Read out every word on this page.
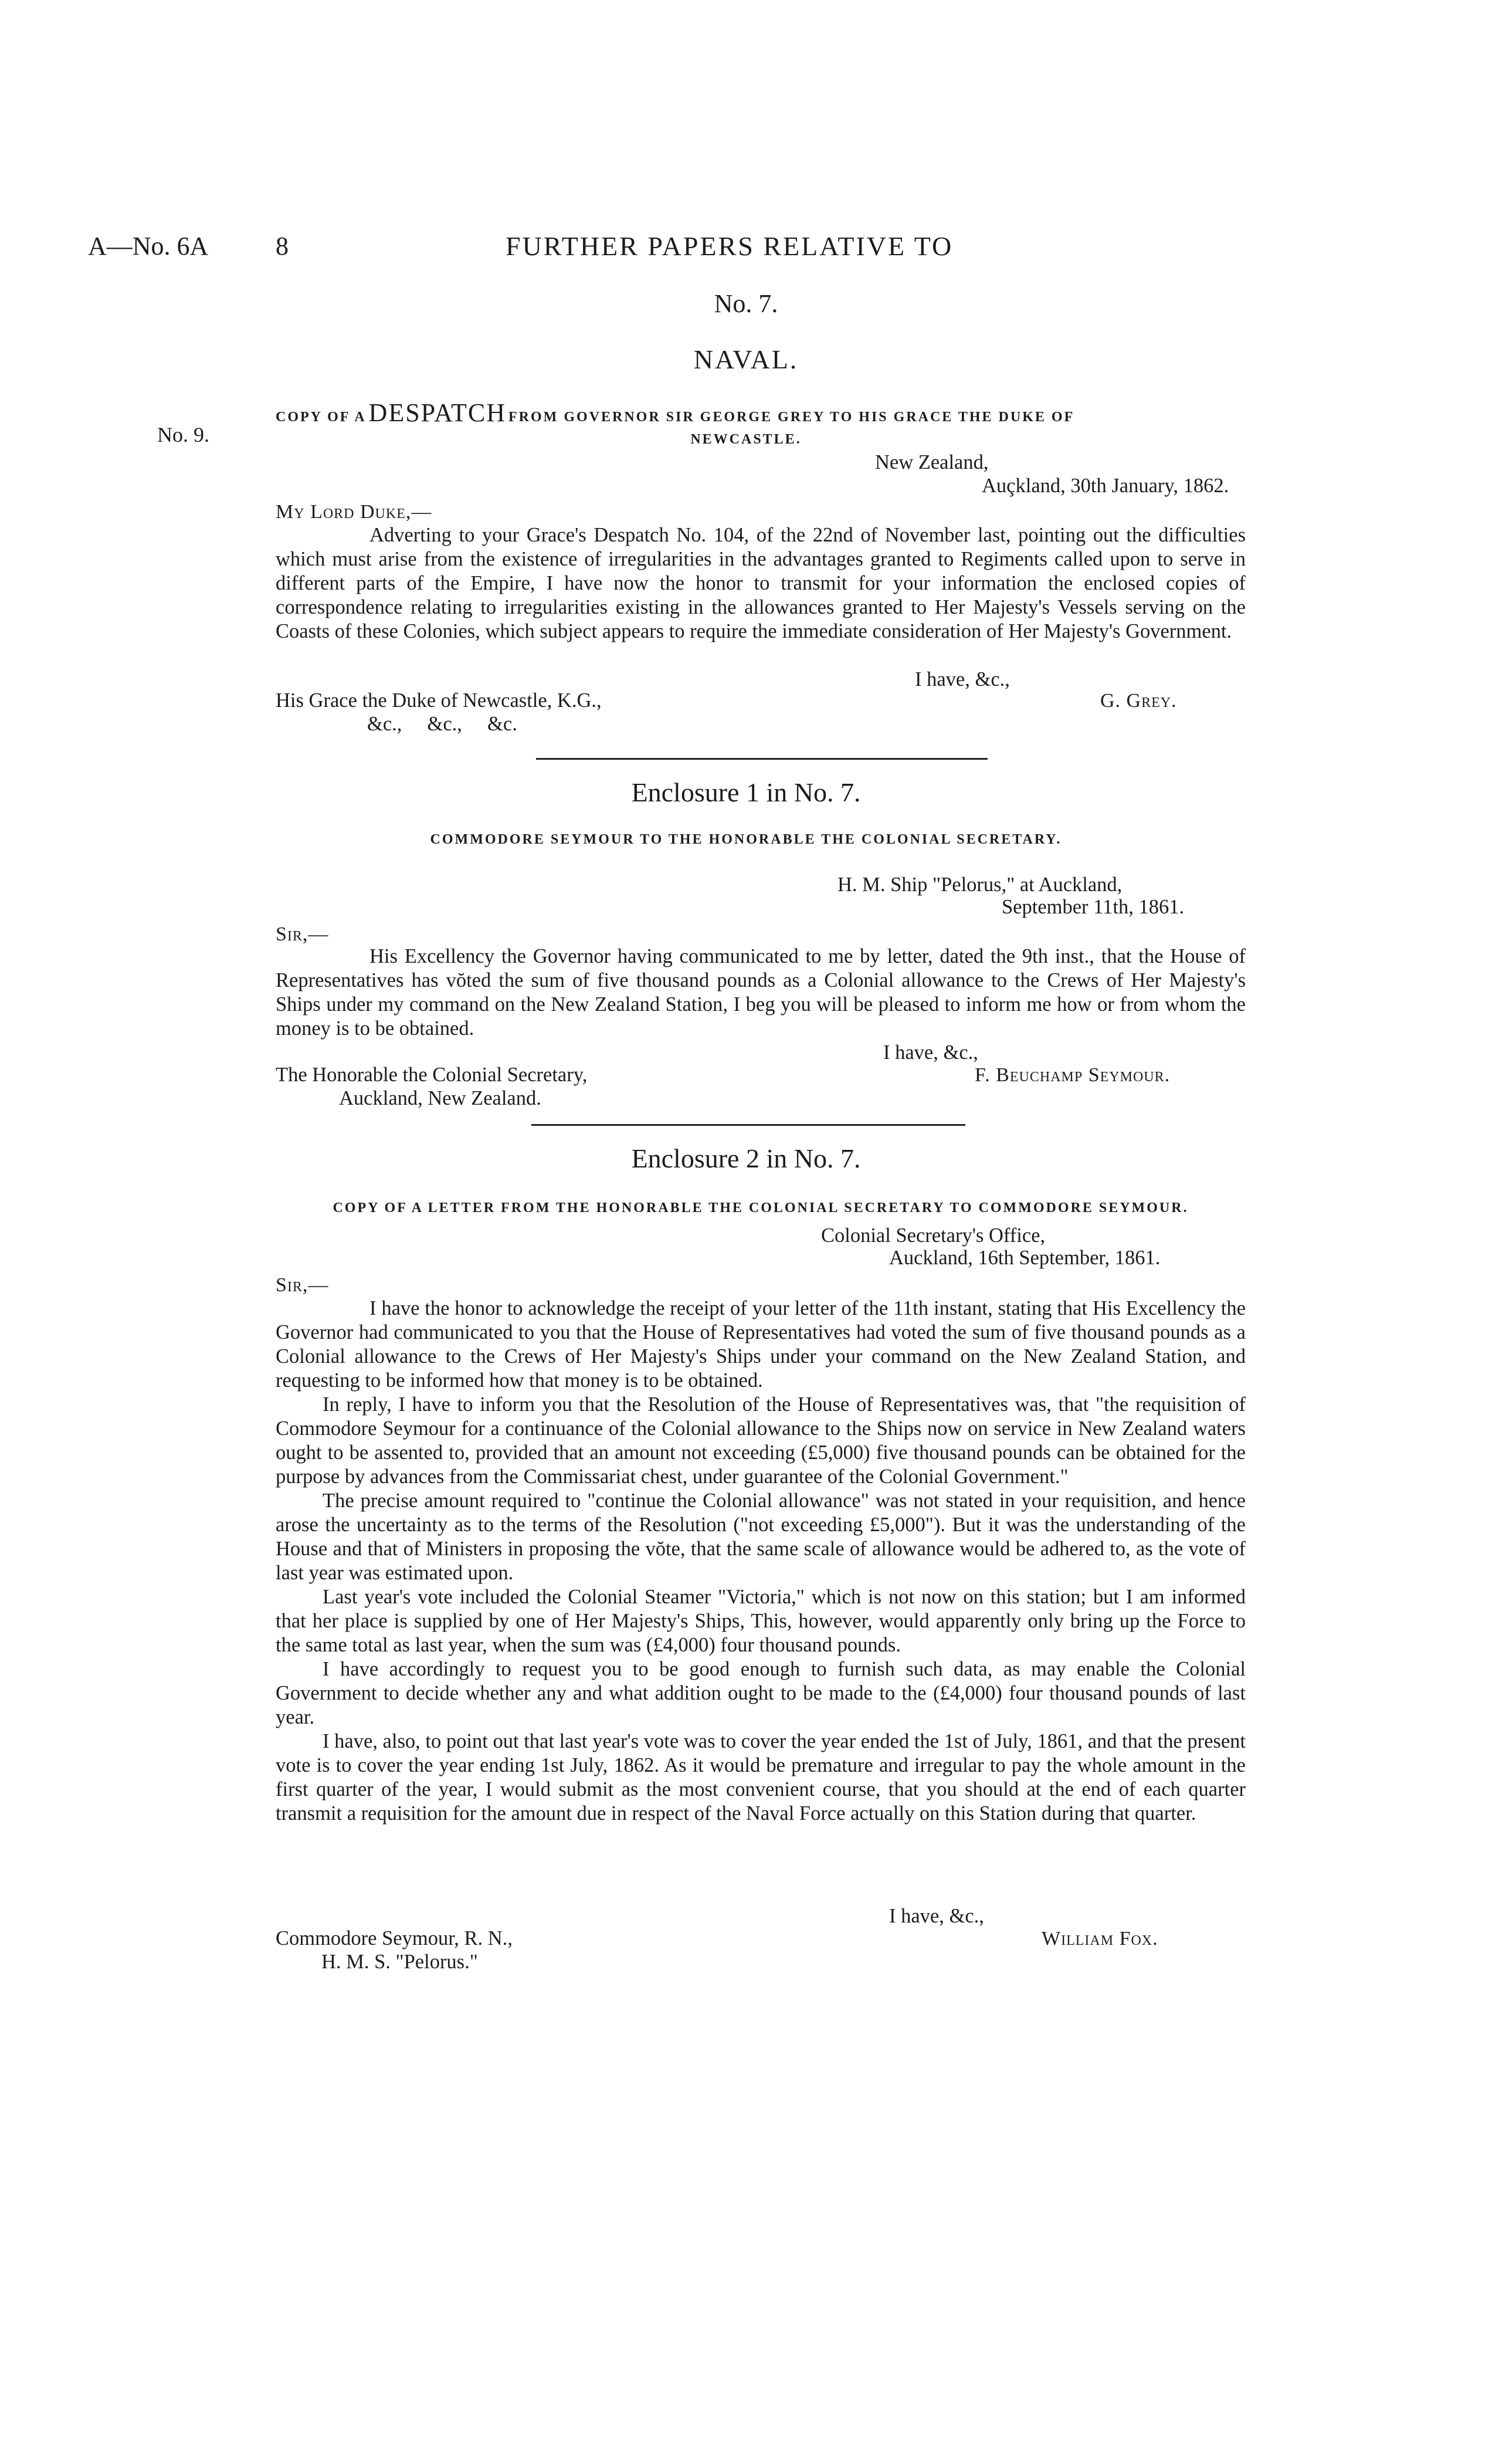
A—No. 6A	8	FURTHER PAPERS RELATIVE TO
No. 7.
NAVAL.
No. 9.
COPY OF A DESPATCH FROM GOVERNOR SIR GEORGE GREY TO HIS GRACE THE DUKE OF
NEWCASTLE.
New Zealand,
Auçkland, 30th January, 1862.
My Lord Duke,—

Adverting to your Grace's Despatch No. 104, of the 22nd of November last, pointing out the difficulties which must arise from the existence of irregularities in the advantages granted to Regiments called upon to serve in different parts of the Empire, I have now the honor to transmit for your information the enclosed copies of correspondence relating to irregularities existing in the allowances granted to Her Majesty's Vessels serving on the Coasts of these Colonies, which subject appears to require the immediate consideration of Her Majesty's Government.

I have, &c.,
His Grace the Duke of Newcastle, K.G.,	G. Grey.
&c.,     &c.,     &c.
Enclosure 1 in No. 7.
COMMODORE SEYMOUR TO THE HONORABLE THE COLONIAL SECRETARY.
H. M. Ship "Pelorus," at Auckland,
September 11th, 1861.
Sir,—

His Excellency the Governor having communicated to me by letter, dated the 9th inst., that the House of Representatives has vŏted the sum of five thousand pounds as a Colonial allowance to the Crews of Her Majesty's Ships under my command on the New Zealand Station, I beg you will be pleased to inform me how or from whom the money is to be obtained.

I have, &c.,
The Honorable the Colonial Secretary,	F. Beuchamp Seymour.
Auckland, New Zealand.
Enclosure 2 in No. 7.
COPY OF A LETTER FROM THE HONORABLE THE COLONIAL SECRETARY TO COMMODORE SEYMOUR.
Colonial Secretary's Office,
Auckland, 16th September, 1861.
Sir,—

I have the honor to acknowledge the receipt of your letter of the 11th instant, stating that His Excellency the Governor had communicated to you that the House of Representatives had voted the sum of five thousand pounds as a Colonial allowance to the Crews of Her Majesty's Ships under your command on the New Zealand Station, and requesting to be informed how that money is to be obtained.

In reply, I have to inform you that the Resolution of the House of Representatives was, that "the requisition of Commodore Seymour for a continuance of the Colonial allowance to the Ships now on service in New Zealand waters ought to be assented to, provided that an amount not exceeding (£5,000) five thousand pounds can be obtained for the purpose by advances from the Commissariat chest, under guarantee of the Colonial Government."

The precise amount required to "continue the Colonial allowance" was not stated in your requisition, and hence arose the uncertainty as to the terms of the Resolution ("not exceeding £5,000"). But it was the understanding of the House and that of Ministers in proposing the vŏte, that the same scale of allowance would be adhered to, as the vote of last year was estimated upon.

Last year's vote included the Colonial Steamer "Victoria," which is not now on this station; but I am informed that her place is supplied by one of Her Majesty's Ships, This, however, would apparently only bring up the Force to the same total as last year, when the sum was (£4,000) four thousand pounds.

I have accordingly to request you to be good enough to furnish such data, as may enable the Colonial Government to decide whether any and what addition ought to be made to the (£4,000) four thousand pounds of last year.

I have, also, to point out that last year's vote was to cover the year ended the 1st of July, 1861, and that the present vote is to cover the year ending 1st July, 1862. As it would be premature and irregular to pay the whole amount in the first quarter of the year, I would submit as the most convenient course, that you should at the end of each quarter transmit a requisition for the amount due in respect of the Naval Force actually on this Station during that quarter.

I have, &c.,
Commodore Seymour, R. N.,	William Fox.
H. M. S. "Pelorus."
